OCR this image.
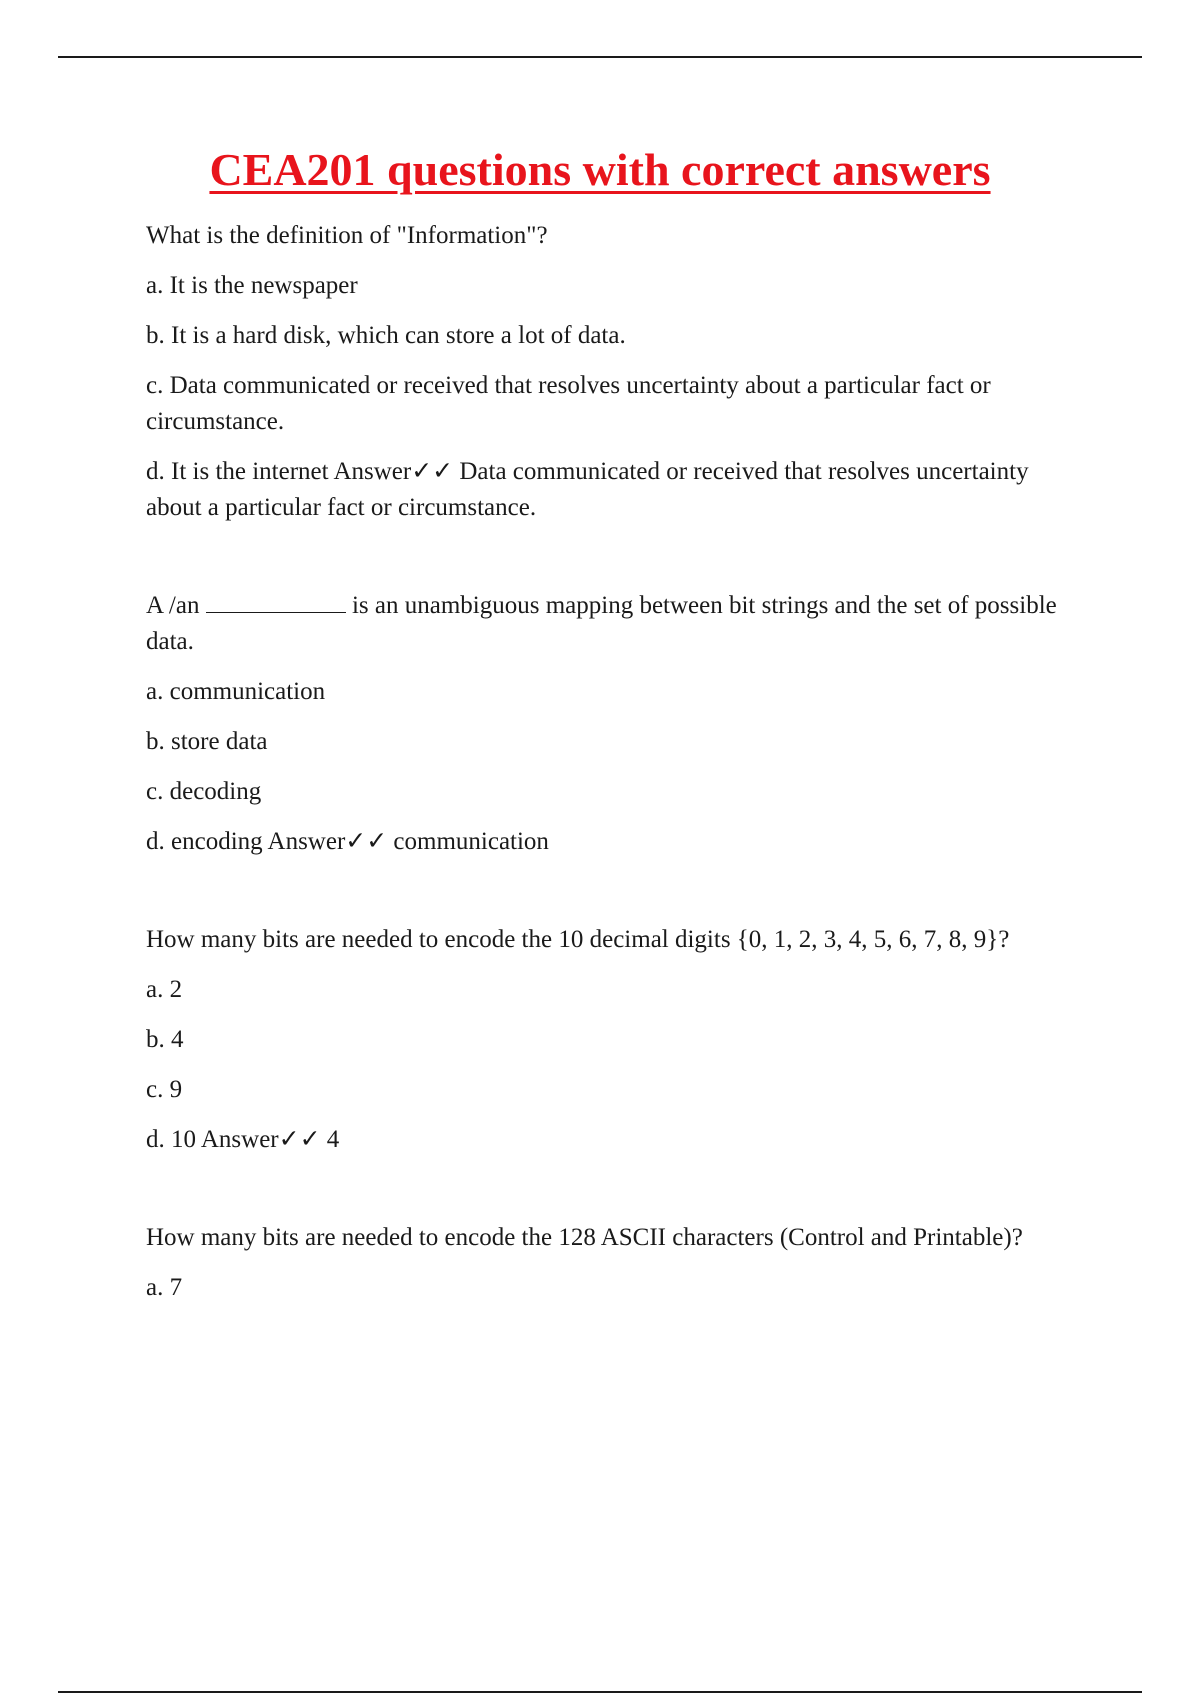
CEA201 questions with correct answers

What is the definition of "Information"?

a. It is the newspaper

b. It is a hard disk, which can store a lot of data.

c. Data communicated or received that resolves uncertainty about a particular fact or circumstance.

d. It is the internet Answer✓✓ Data communicated or received that resolves uncertainty about a particular fact or circumstance.

A /an	is an unambiguous mapping between bit strings and the set of possible data.

a. communication

b. store data

c. decoding

d. encoding Answer✓✓ communication

How many bits are needed to encode the 10 decimal digits {0, 1, 2, 3, 4, 5, 6, 7, 8, 9}?

a. 2

b. 4

c. 9

d. 10 Answer✓✓ 4

How many bits are needed to encode the 128 ASCII characters (Control and Printable)?

a. 7
